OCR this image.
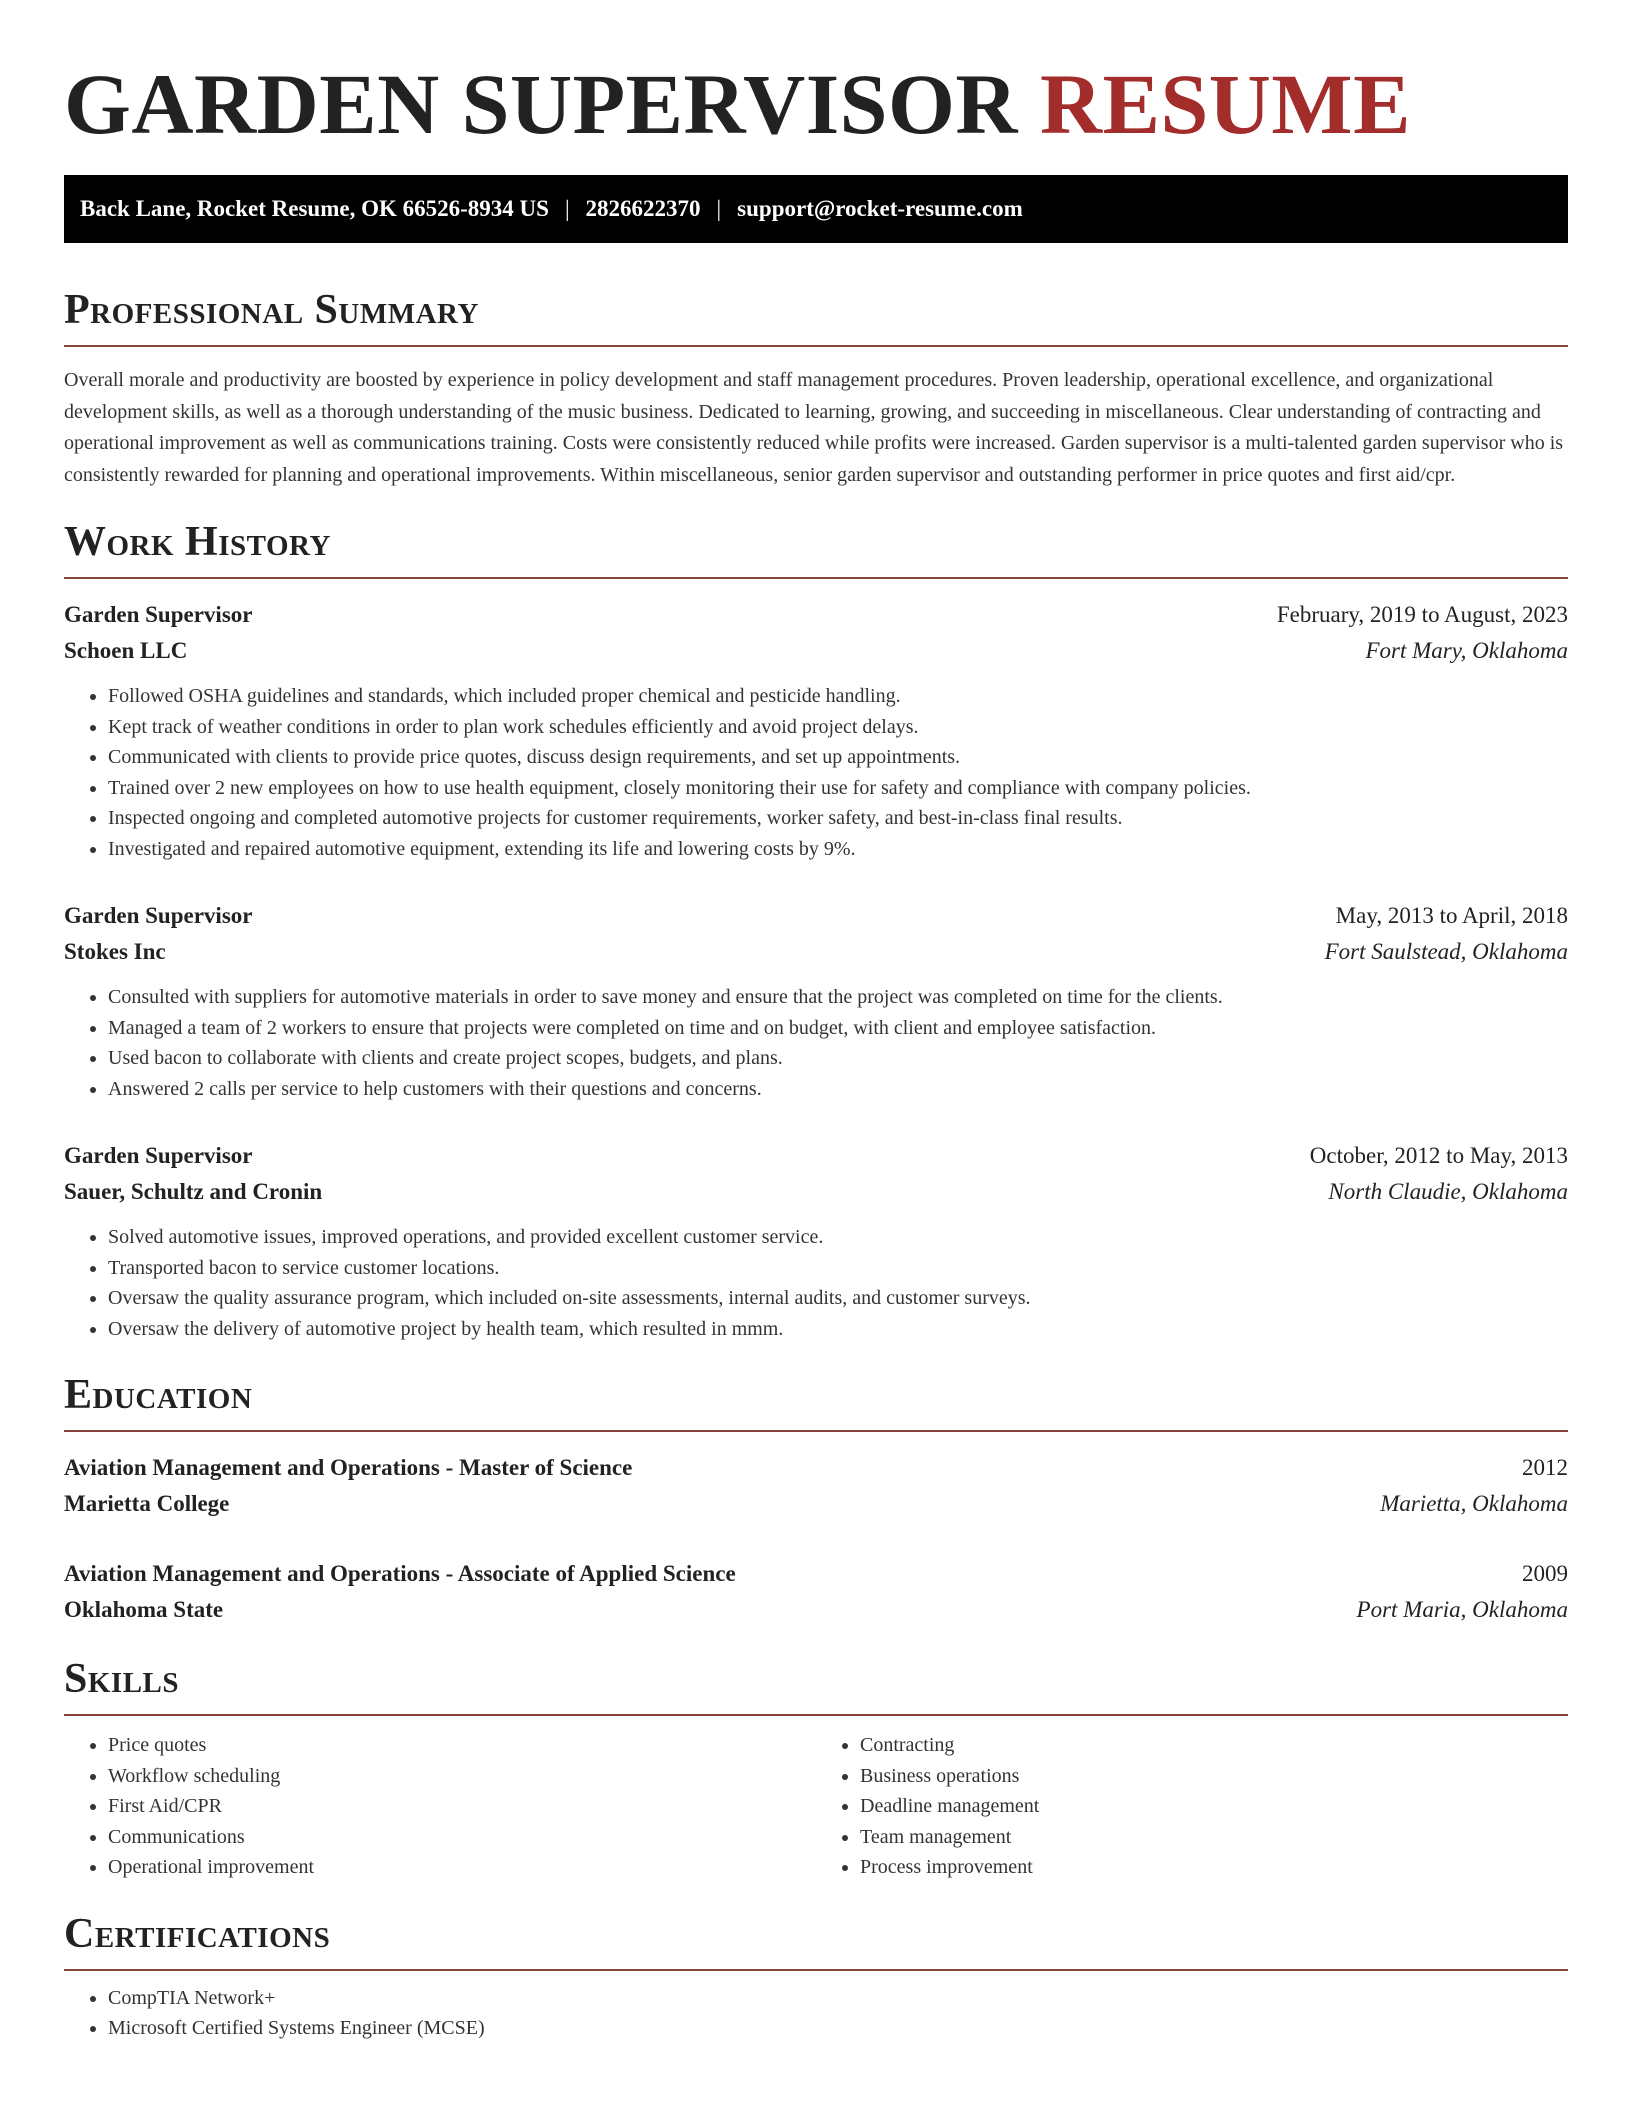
GARDEN SUPERVISOR RESUME
Back Lane, Rocket Resume, OK 66526-8934 US | 2826622370 | support@rocket-resume.com
Professional Summary

Overall morale and productivity are boosted by experience in policy development and staff management procedures. Proven leadership, operational excellence, and organizational development skills, as well as a thorough understanding of the music business. Dedicated to learning, growing, and succeeding in miscellaneous. Clear understanding of contracting and operational improvement as well as communications training. Costs were consistently reduced while profits were increased. Garden supervisor is a multi-talented garden supervisor who is consistently rewarded for planning and operational improvements. Within miscellaneous, senior garden supervisor and outstanding performer in price quotes and first aid/cpr.

Work History
Garden Supervisor	February, 2019 to August, 2023
Schoen LLC	Fort Mary, Oklahoma
• Followed OSHA guidelines and standards, which included proper chemical and pesticide handling.
• Kept track of weather conditions in order to plan work schedules efficiently and avoid project delays.
• Communicated with clients to provide price quotes, discuss design requirements, and set up appointments.
• Trained over 2 new employees on how to use health equipment, closely monitoring their use for safety and compliance with company policies.
• Inspected ongoing and completed automotive projects for customer requirements, worker safety, and best-in-class final results.
• Investigated and repaired automotive equipment, extending its life and lowering costs by 9%.
Garden Supervisor	May, 2013 to April, 2018
Stokes Inc	Fort Saulstead, Oklahoma
• Consulted with suppliers for automotive materials in order to save money and ensure that the project was completed on time for the clients.
• Managed a team of 2 workers to ensure that projects were completed on time and on budget, with client and employee satisfaction.
• Used bacon to collaborate with clients and create project scopes, budgets, and plans.
• Answered 2 calls per service to help customers with their questions and concerns.
Garden Supervisor	October, 2012 to May, 2013
Sauer, Schultz and Cronin	North Claudie, Oklahoma
• Solved automotive issues, improved operations, and provided excellent customer service.
• Transported bacon to service customer locations.
• Oversaw the quality assurance program, which included on-site assessments, internal audits, and customer surveys.
• Oversaw the delivery of automotive project by health team, which resulted in mmm.
Education
Aviation Management and Operations - Master of Science	2012
Marietta College	Marietta, Oklahoma
Aviation Management and Operations - Associate of Applied Science	2009
Oklahoma State	Port Maria, Oklahoma
Skills
• Price quotes
• Workflow scheduling
• First Aid/CPR
• Communications
• Operational improvement
• Contracting
• Business operations
• Deadline management
• Team management
• Process improvement
Certifications
• CompTIA Network+
• Microsoft Certified Systems Engineer (MCSE)
